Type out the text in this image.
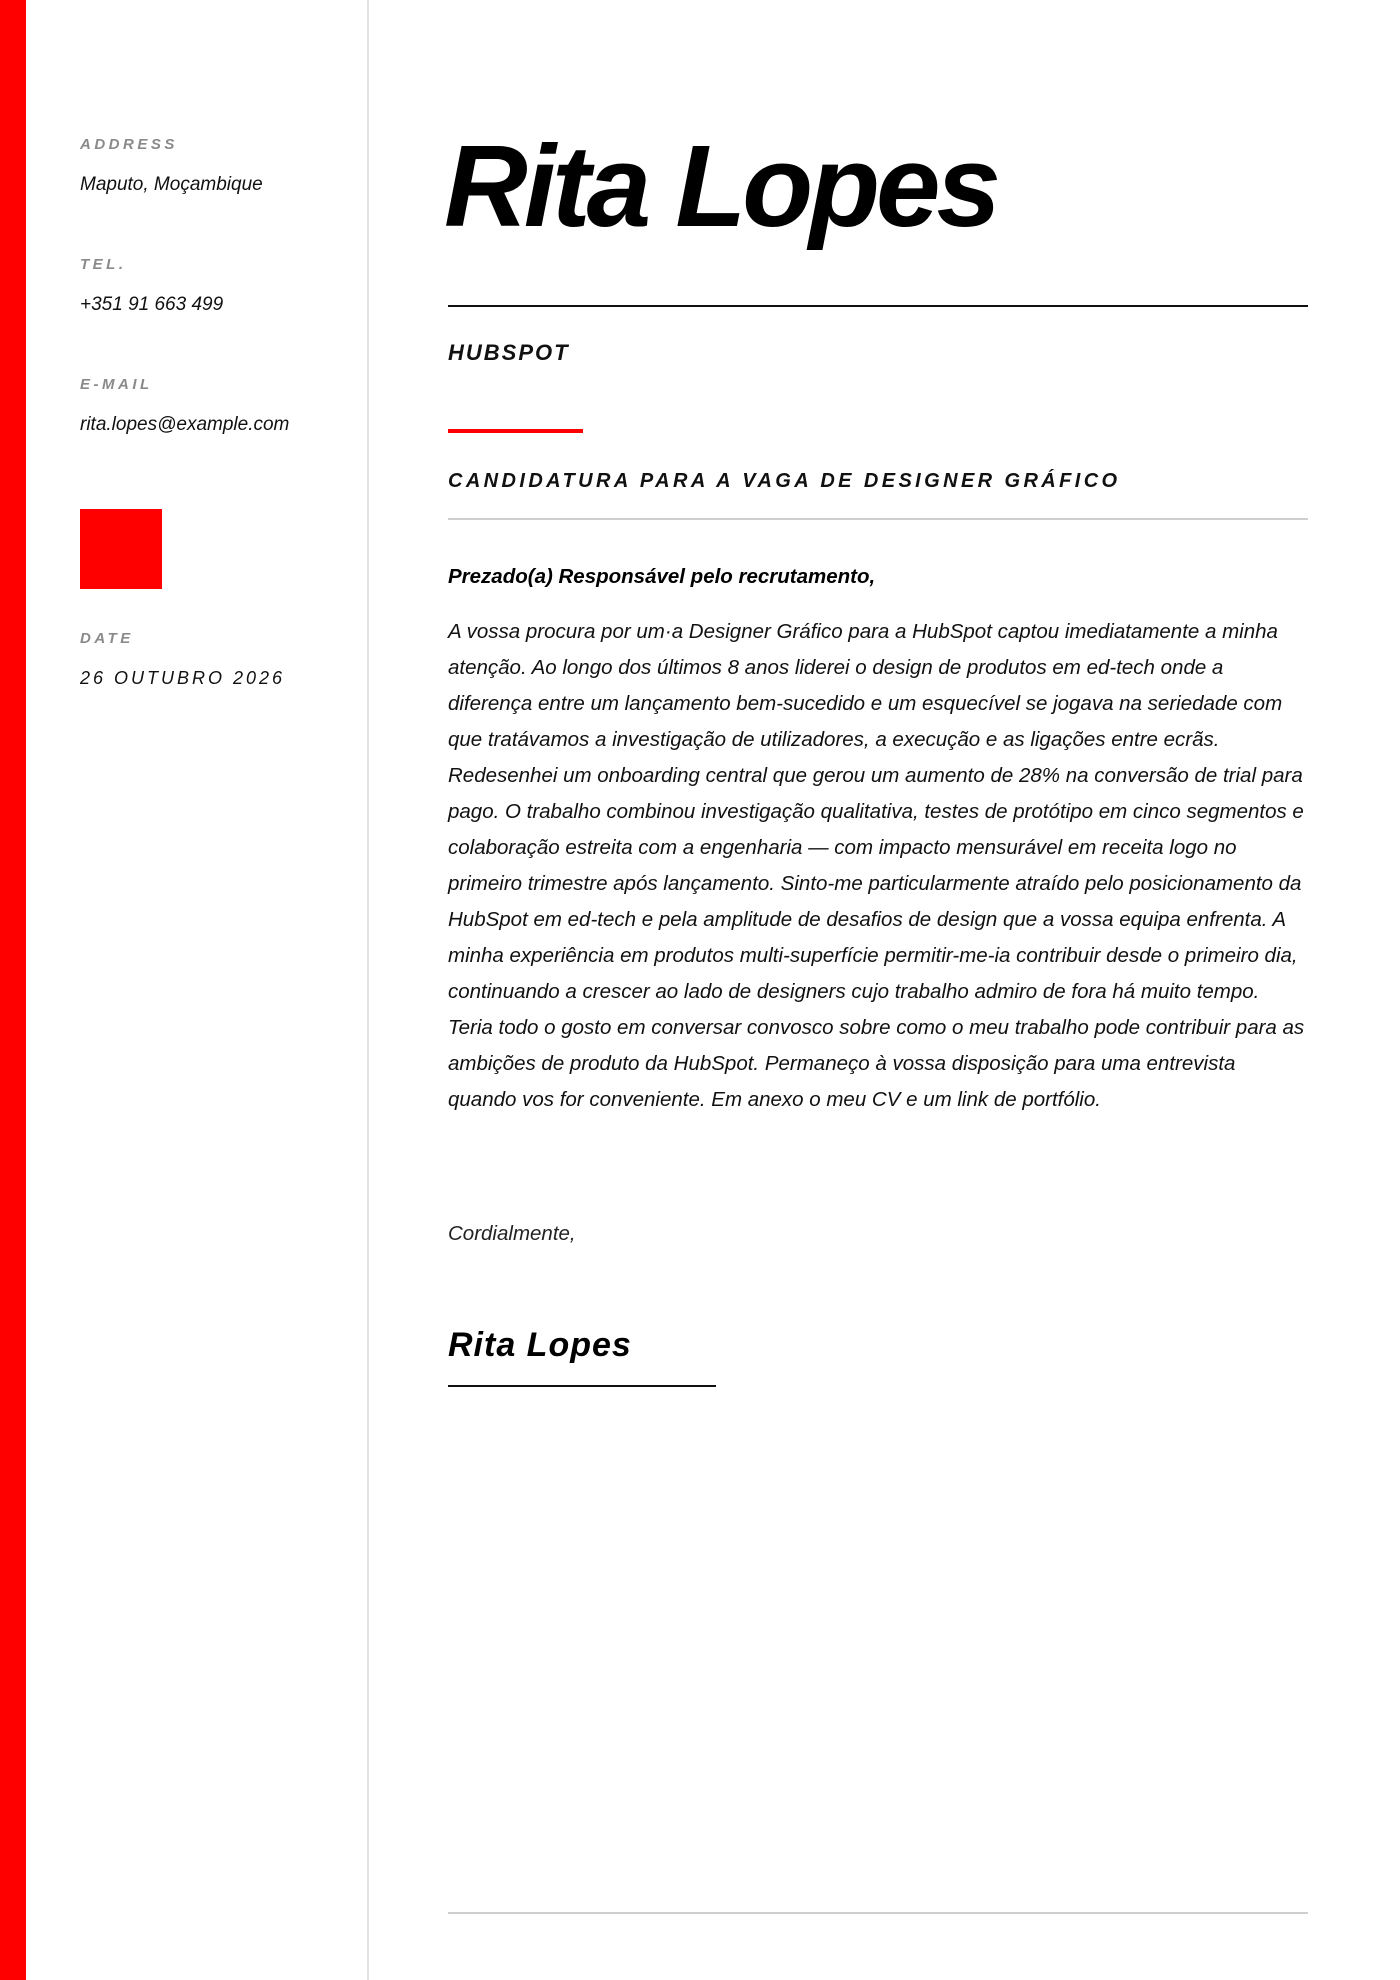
ADDRESS
Maputo, Moçambique
TEL.
+351 91 663 499
E-MAIL
rita.lopes@example.com
DATE
26 OUTUBRO 2026
Rita Lopes
HUBSPOT
CANDIDATURA PARA A VAGA DE DESIGNER GRÁFICO

Prezado(a) Responsável pelo recrutamento,

A vossa procura por um·a Designer Gráfico para a HubSpot captou imediatamente a minha atenção. Ao longo dos últimos 8 anos liderei o design de produtos em ed-tech onde a diferença entre um lançamento bem-sucedido e um esquecível se jogava na seriedade com que tratávamos a investigação de utilizadores, a execução e as ligações entre ecrãs. Redesenhei um onboarding central que gerou um aumento de 28% na conversão de trial para pago. O trabalho combinou investigação qualitativa, testes de protótipo em cinco segmentos e colaboração estreita com a engenharia — com impacto mensurável em receita logo no primeiro trimestre após lançamento. Sinto-me particularmente atraído pelo posicionamento da HubSpot em ed-tech e pela amplitude de desafios de design que a vossa equipa enfrenta. A minha experiência em produtos multi-superfície permitir-me-ia contribuir desde o primeiro dia, continuando a crescer ao lado de designers cujo trabalho admiro de fora há muito tempo. Teria todo o gosto em conversar convosco sobre como o meu trabalho pode contribuir para as ambições de produto da HubSpot. Permaneço à vossa disposição para uma entrevista quando vos for conveniente. Em anexo o meu CV e um link de portfólio.

Cordialmente,

Rita Lopes
